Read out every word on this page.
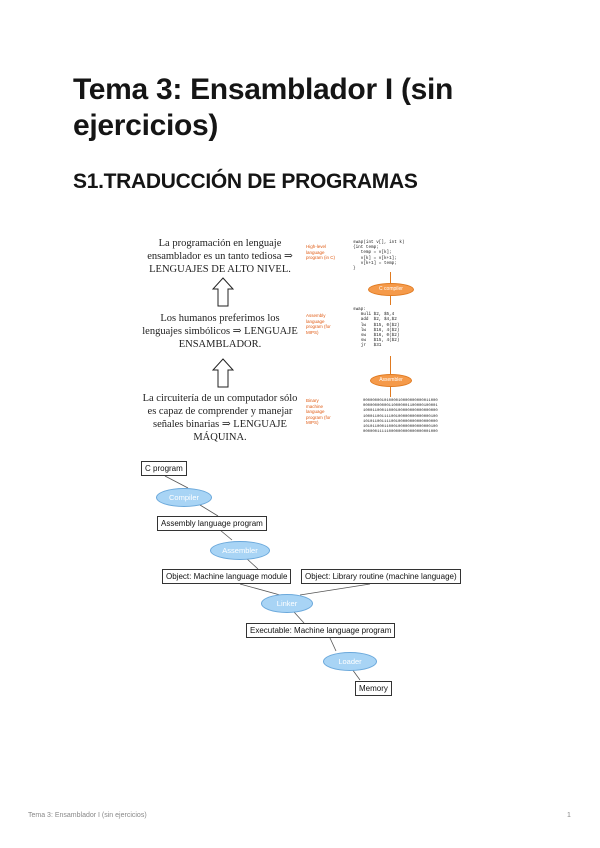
Tema 3: Ensamblador I (sin ejercicios)
S1.TRADUCCIÓN DE PROGRAMAS
La programación en lenguaje ensamblador es un tanto tediosa ⇒ LENGUAJES DE ALTO NIVEL.
Los humanos preferimos los lenguajes simbólicos ⇒ LENGUAJE ENSAMBLADOR.
La circuitería de un computador sólo es capaz de comprender y manejar señales binarias ⇒ LENGUAJE MÁQUINA.
High-level language program (in C)
Assembly language program (for MIPS)
Binary machine language program (for MIPS)
swap(int v[], int k)
{int temp;
temp = v[k];
v[k] = v[k+1];
v[k+1] = temp;
}
C compiler
swap:
muli $2, $5,4
add  $2, $4,$2
lw   $15, 0($2)
lw   $16, 4($2)
sw   $16, 0($2)
sw   $15, 4($2)
jr   $31
Assembler
00000000101000010000000000011000
00000000000110000001100000100001
10001100011000100000000000000000
10001100111100100000000000000100
10101100111100100000000000000000
10101100011000100000000000000100
00000011111000000000000000001000
C program
Compiler
Assembly language program
Assembler
Object: Machine language module	Object: Library routine (machine language)
Linker
Executable: Machine language program
Loader
Memory
Tema 3: Ensamblador I (sin ejercicios)	1
